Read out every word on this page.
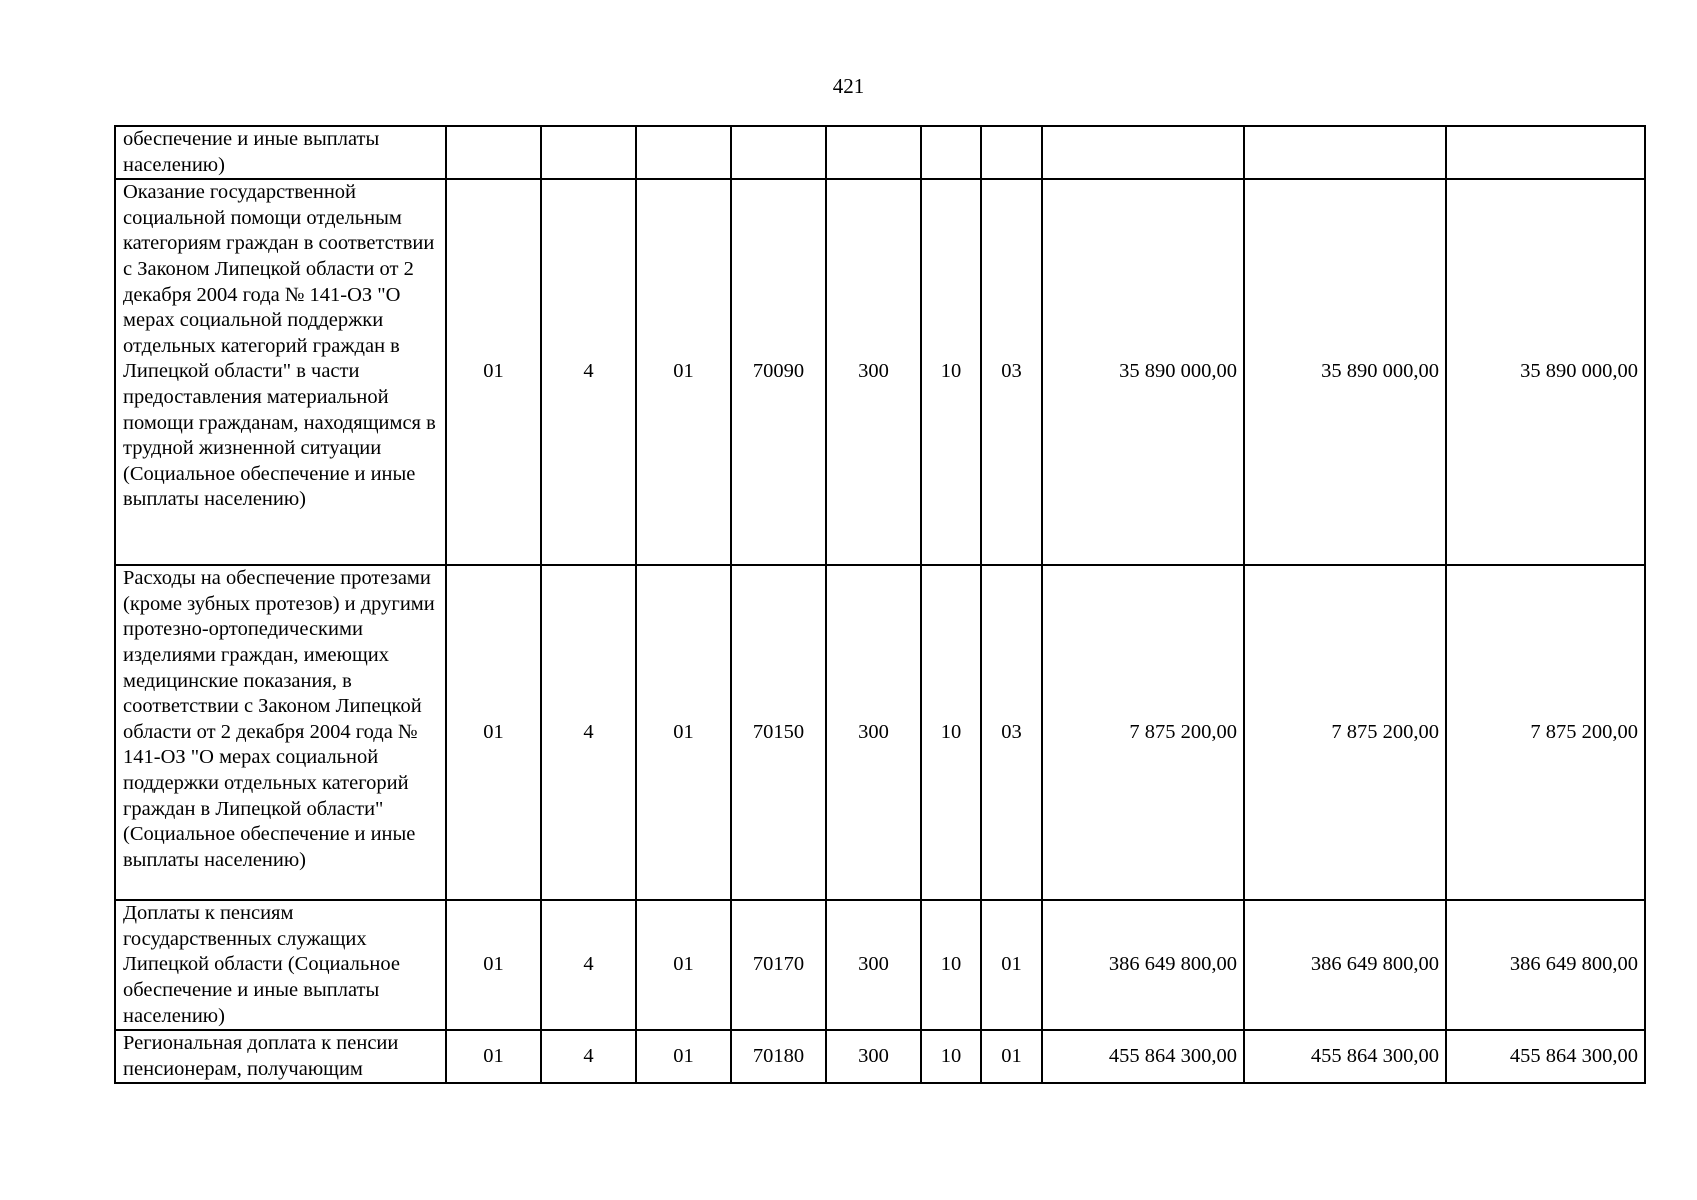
421
обеспечение и иные выплаты населению)										
Оказание государственной социальной помощи отдельным категориям граждан в соответствии с Законом Липецкой области от 2 декабря 2004 года № 141-ОЗ "О мерах социальной поддержки отдельных категорий граждан в Липецкой области" в части предоставления материальной помощи гражданам, находящимся в трудной жизненной ситуации (Социальное обеспечение и иные выплаты населению)	01	4	01	70090	300	10	03	35 890 000,00	35 890 000,00	35 890 000,00
Расходы на обеспечение протезами (кроме зубных протезов) и другими протезно-ортопедическими изделиями граждан, имеющих медицинские показания, в соответствии с Законом Липецкой области от 2 декабря 2004 года № 141-ОЗ "О мерах социальной поддержки отдельных категорий граждан в Липецкой области" (Социальное обеспечение и иные выплаты населению)	01	4	01	70150	300	10	03	7 875 200,00	7 875 200,00	7 875 200,00
Доплаты к пенсиям государственных служащих Липецкой области (Социальное обеспечение и иные выплаты населению)	01	4	01	70170	300	10	01	386 649 800,00	386 649 800,00	386 649 800,00
Региональная доплата к пенсии пенсионерам, получающим	01	4	01	70180	300	10	01	455 864 300,00	455 864 300,00	455 864 300,00
